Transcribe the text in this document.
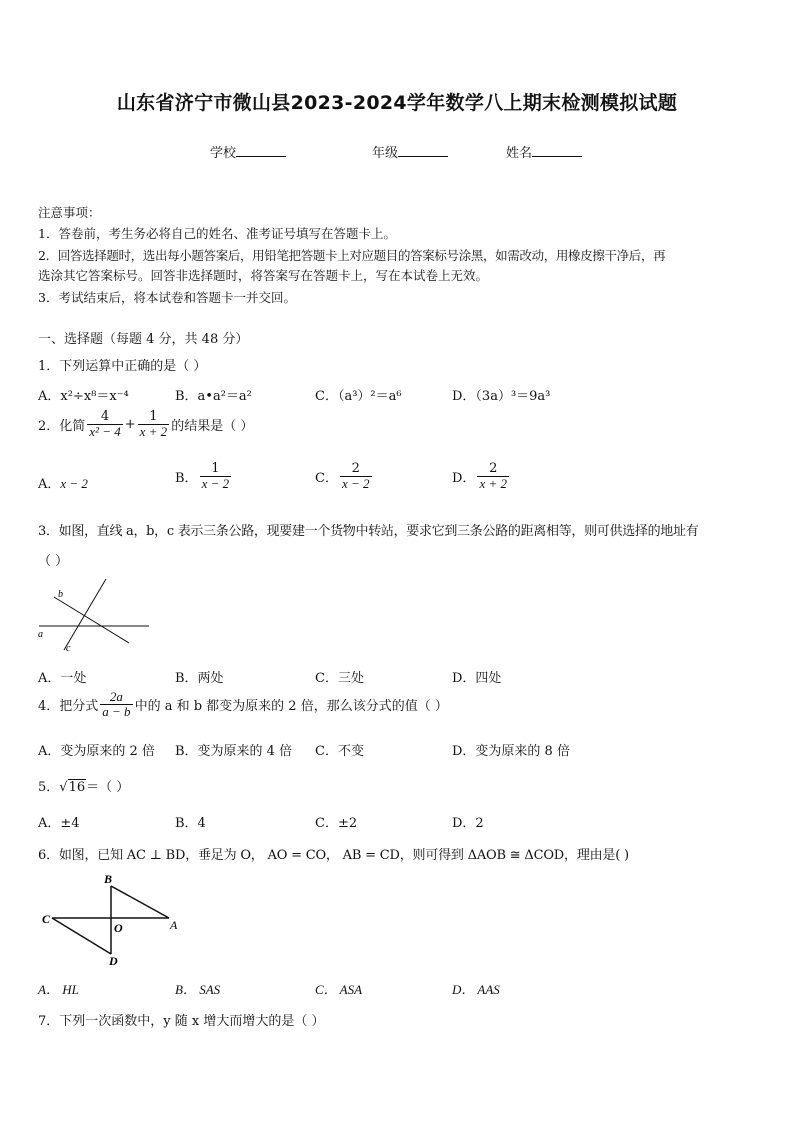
山东省济宁市微山县2023-2024学年数学八上期末检测模拟试题
学校	年级	姓名
注意事项：
1．答卷前，考生务必将自己的姓名、准考证号填写在答题卡上。
2．回答选择题时，选出每小题答案后，用铅笔把答题卡上对应题目的答案标号涂黑，如需改动，用橡皮擦干净后，再
选涂其它答案标号。回答非选择题时，将答案写在答题卡上，写在本试卷上无效。
3．考试结束后，将本试卷和答题卡一并交回。
一、选择题（每题 4 分，共 48 分）
1．下列运算中正确的是（ ）
A．x²÷x⁸＝x⁻⁴	B．a•a²＝a²	C．（a³）²＝a⁶	D．（3a）³＝9a³
2．化简 $\frac{4}{\text{x² − 4}} + \frac{1}{x + 2}$ 的结果是（ ）
A．x − 2	B． $\frac{1}{x - 2}$	C． $\frac{2}{x - 2}$	D． $\frac{2}{x + 2}$
3．如图，直线 a，b，c 表示三条公路，现要建一个货物中转站，要求它到三条公路的距离相等，则可供选择的地址有
（ ）
a
b
c
A．一处	B．两处	C．三处	D．四处
4．把分式 $\frac{2a}{a - b}$ 中的 a 和 b 都变为原来的 2 倍，那么该分式的值（ ）
A．变为原来的 2 倍 B．变为原来的 4 倍 C．不变	D．变为原来的 8 倍
5．√16＝（ ）
A．±4	B．4	C．±2	D．2
6．如图，已知 AC ⊥ BD，垂足为 O， AO = CO， AB = CD，则可得到 ΔAOB ≅ ΔCOD，理由是( )
B
C
O	A
D
A． HL	B． SAS	C． ASA	D． AAS
7．下列一次函数中，y 随 x 增大而增大的是（ ）
